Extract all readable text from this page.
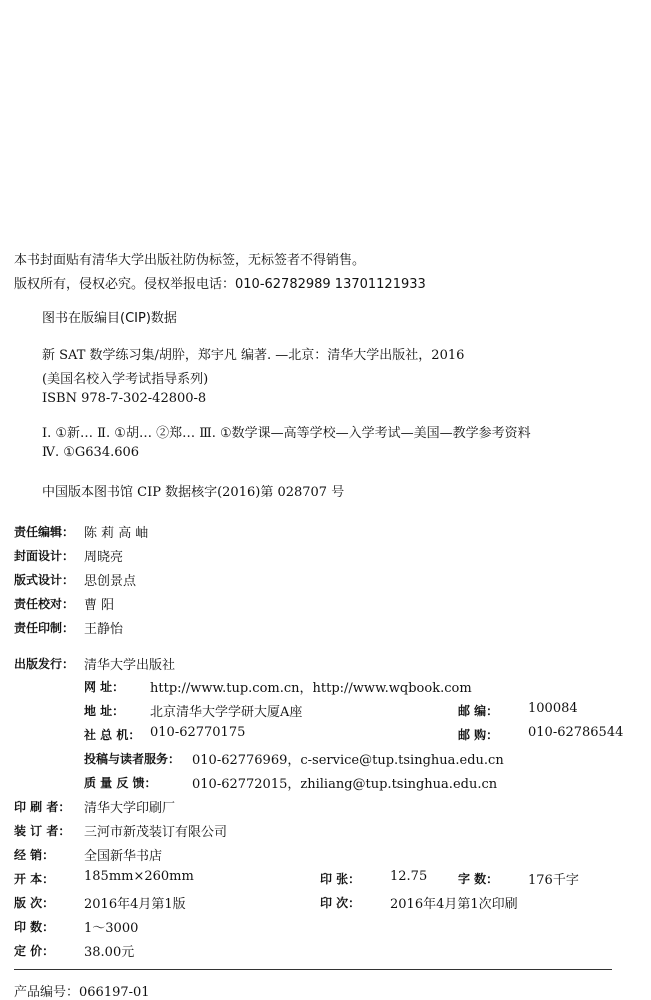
本书封面贴有清华大学出版社防伪标签，无标签者不得销售。
版权所有，侵权必究。侵权举报电话：010-62782989 13701121933
图书在版编目(CIP)数据
新 SAT 数学练习集/胡肸，郑宇凡 编著. —北京：清华大学出版社，2016
(美国名校入学考试指导系列)
ISBN 978-7-302-42800-8
Ⅰ. ①新… Ⅱ. ①胡… ②郑… Ⅲ. ①数学课—高等学校—入学考试—美国—教学参考资料
Ⅳ. ①G634.606
中国版本图书馆 CIP 数据核字(2016)第 028707 号
责任编辑： 陈 莉 高 岫
封面设计： 周晓亮
版式设计： 思创景点
责任校对： 曹 阳
责任印制： 王静怡
出版发行： 清华大学出版社
网 址： http://www.tup.com.cn，http://www.wqbook.com
地 址： 北京清华大学学研大厦A座	邮 编： 100084
社 总 机： 010-62770175	邮 购： 010-62786544
投稿与读者服务： 010-62776969，c-service@tup.tsinghua.edu.cn
质 量 反 馈：	010-62772015，zhiliang@tup.tsinghua.edu.cn
印 刷 者： 清华大学印刷厂
装 订 者： 三河市新茂装订有限公司
经 销： 全国新华书店
开 本： 185mm×260mm	印 张： 12.75	字 数： 176千字
版 次： 2016年4月第1版	印 次： 2016年4月第1次印刷
印 数： 1～3000
定 价： 38.00元
产品编号：066197-01
